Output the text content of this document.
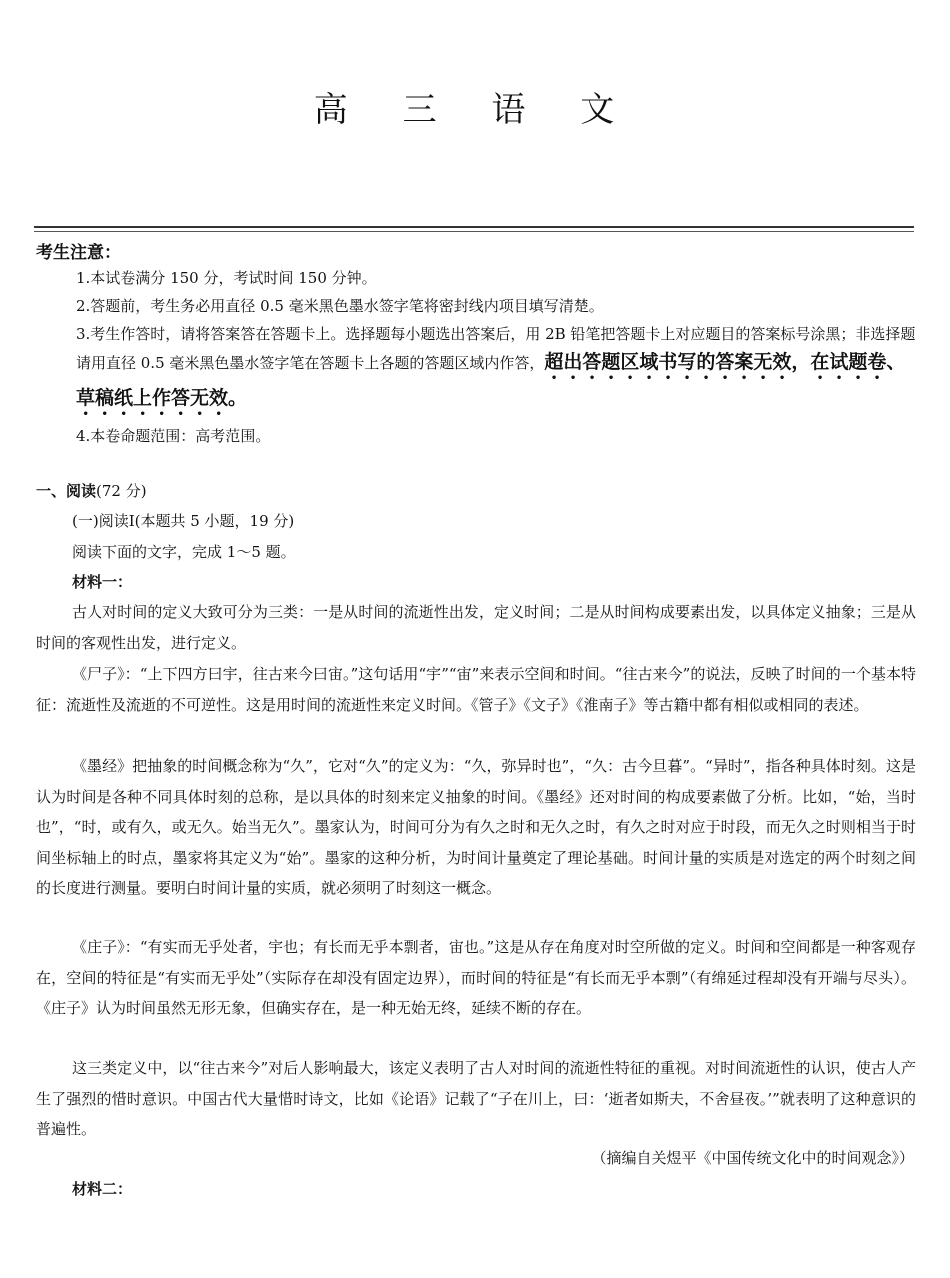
高 三 语 文
考生注意：
1.本试卷满分 150 分，考试时间 150 分钟。
2.答题前，考生务必用直径 0.5 毫米黑色墨水签字笔将密封线内项目填写清楚。
3.考生作答时，请将答案答在答题卡上。选择题每小题选出答案后，用 2B 铅笔把答题卡上对应题目的答案标号涂黑；非选择题请用直径 0.5 毫米黑色墨水签字笔在答题卡上各题的答题区域内作答，超出答题区域书写的答案无效，在试题卷、草稿纸上作答无效。
4.本卷命题范围：高考范围。
一、阅读(72 分)
(一)阅读Ⅰ(本题共 5 小题，19 分)
阅读下面的文字，完成 1～5 题。
材料一：

古人对时间的定义大致可分为三类：一是从时间的流逝性出发，定义时间；二是从时间构成要素出发，以具体定义抽象；三是从时间的客观性出发，进行定义。

《尸子》：“上下四方曰宇，往古来今曰宙。”这句话用“宇”“宙”来表示空间和时间。“往古来今”的说法，反映了时间的一个基本特征：流逝性及流逝的不可逆性。这是用时间的流逝性来定义时间。《管子》《文子》《淮南子》等古籍中都有相似或相同的表述。

《墨经》把抽象的时间概念称为“久”，它对“久”的定义为：“久，弥异时也”，“久：古今旦暮”。“异时”，指各种具体时刻。这是认为时间是各种不同具体时刻的总称，是以具体的时刻来定义抽象的时间。《墨经》还对时间的构成要素做了分析。比如，“始，当时也”，“时，或有久，或无久。始当无久”。墨家认为，时间可分为有久之时和无久之时，有久之时对应于时段，而无久之时则相当于时间坐标轴上的时点，墨家将其定义为“始”。墨家的这种分析，为时间计量奠定了理论基础。时间计量的实质是对选定的两个时刻之间的长度进行测量。要明白时间计量的实质，就必须明了时刻这一概念。

《庄子》：“有实而无乎处者，宇也；有长而无乎本剽者，宙也。”这是从存在角度对时空所做的定义。时间和空间都是一种客观存在，空间的特征是“有实而无乎处”（实际存在却没有固定边界），而时间的特征是“有长而无乎本剽”（有绵延过程却没有开端与尽头）。《庄子》认为时间虽然无形无象，但确实存在，是一种无始无终，延续不断的存在。

这三类定义中，以“往古来今”对后人影响最大，该定义表明了古人对时间的流逝性特征的重视。对时间流逝性的认识，使古人产生了强烈的惜时意识。中国古代大量惜时诗文，比如《论语》记载了“子在川上，曰：‘逝者如斯夫，不舍昼夜。’”就表明了这种意识的普遍性。

（摘编自关煜平《中国传统文化中的时间观念》）
材料二：
